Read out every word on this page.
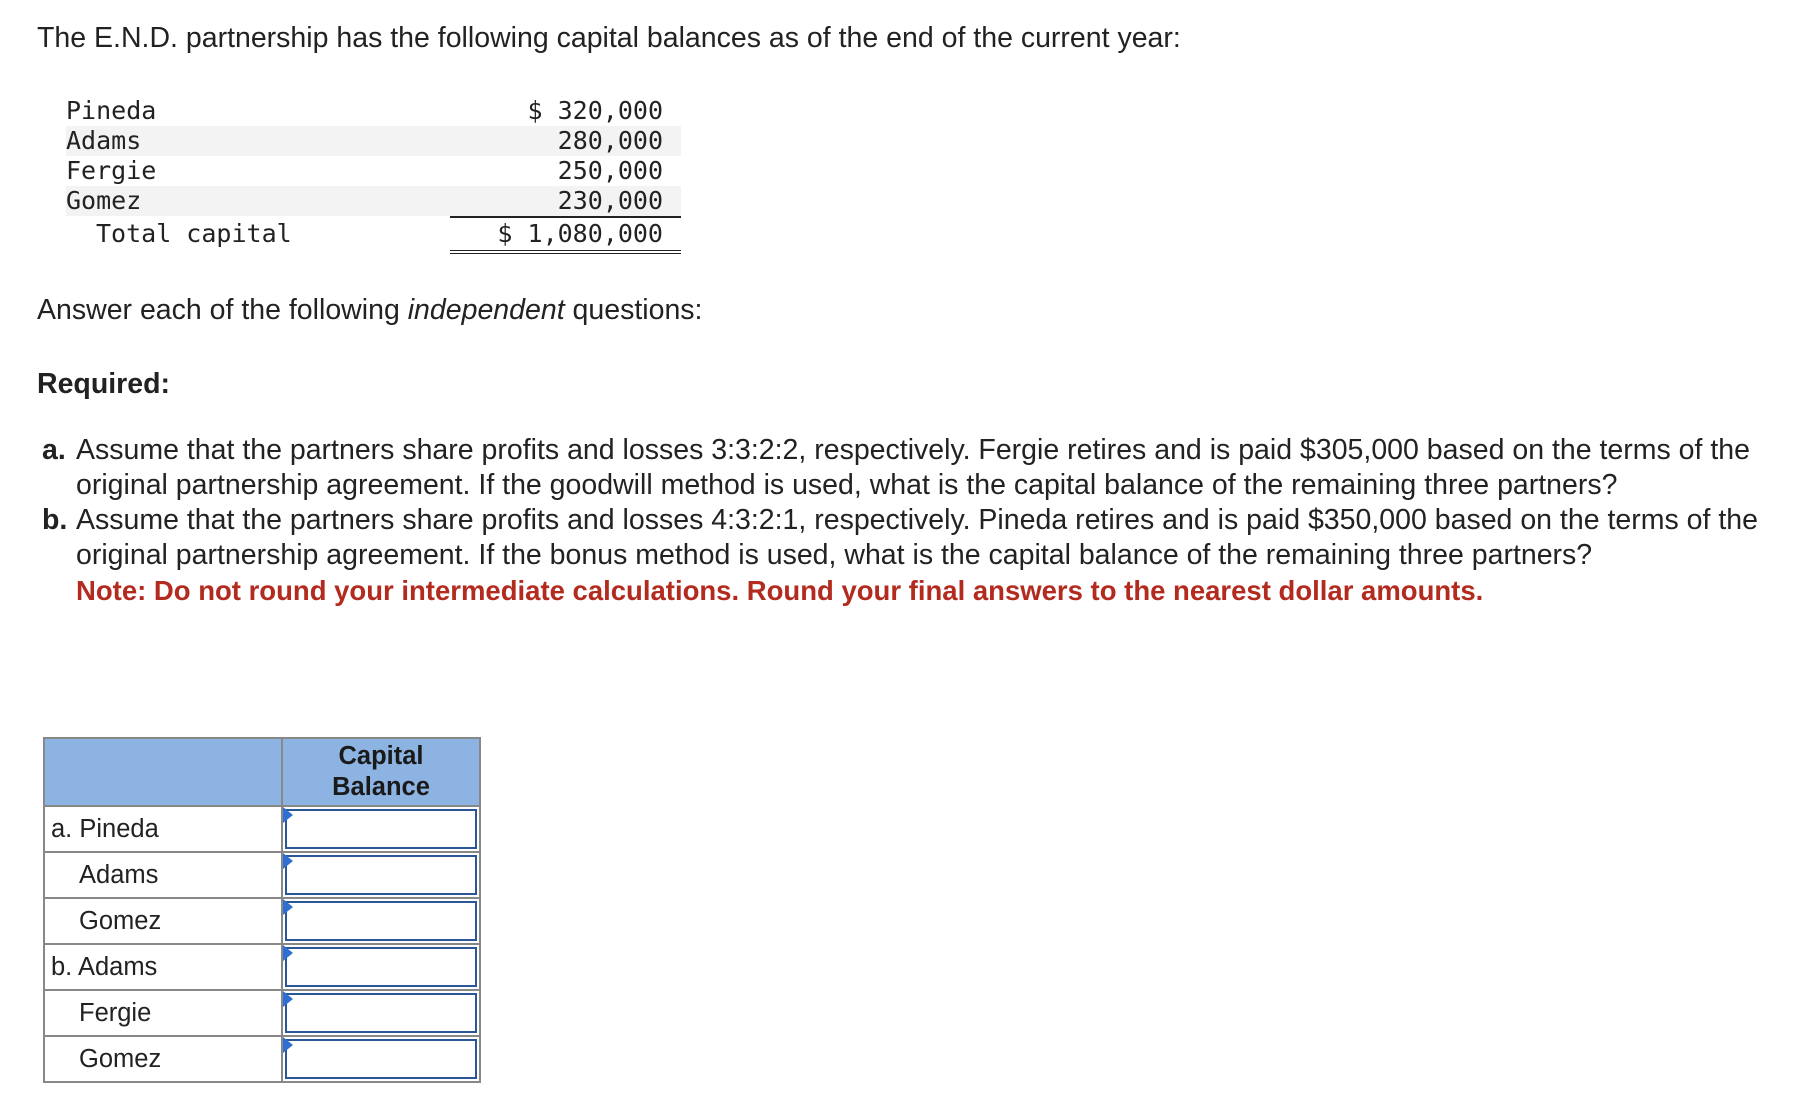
The E.N.D. partnership has the following capital balances as of the end of the current year:
Pineda	$ 320,000
Adams	280,000
Fergie	250,000
Gomez	230,000
Total capital	$ 1,080,000
Answer each of the following independent questions:
Required:
a. Assume that the partners share profits and losses 3:3:2:2, respectively. Fergie retires and is paid $305,000 based on the terms of the original partnership agreement. If the goodwill method is used, what is the capital balance of the remaining three partners?
b. Assume that the partners share profits and losses 4:3:2:1, respectively. Pineda retires and is paid $350,000 based on the terms of the original partnership agreement. If the bonus method is used, what is the capital balance of the remaining three partners?
Note: Do not round your intermediate calculations. Round your final answers to the nearest dollar amounts.

	Capital
Balance

a. Pineda	

Adams	

Gomez	

b. Adams	

Fergie	

Gomez	
